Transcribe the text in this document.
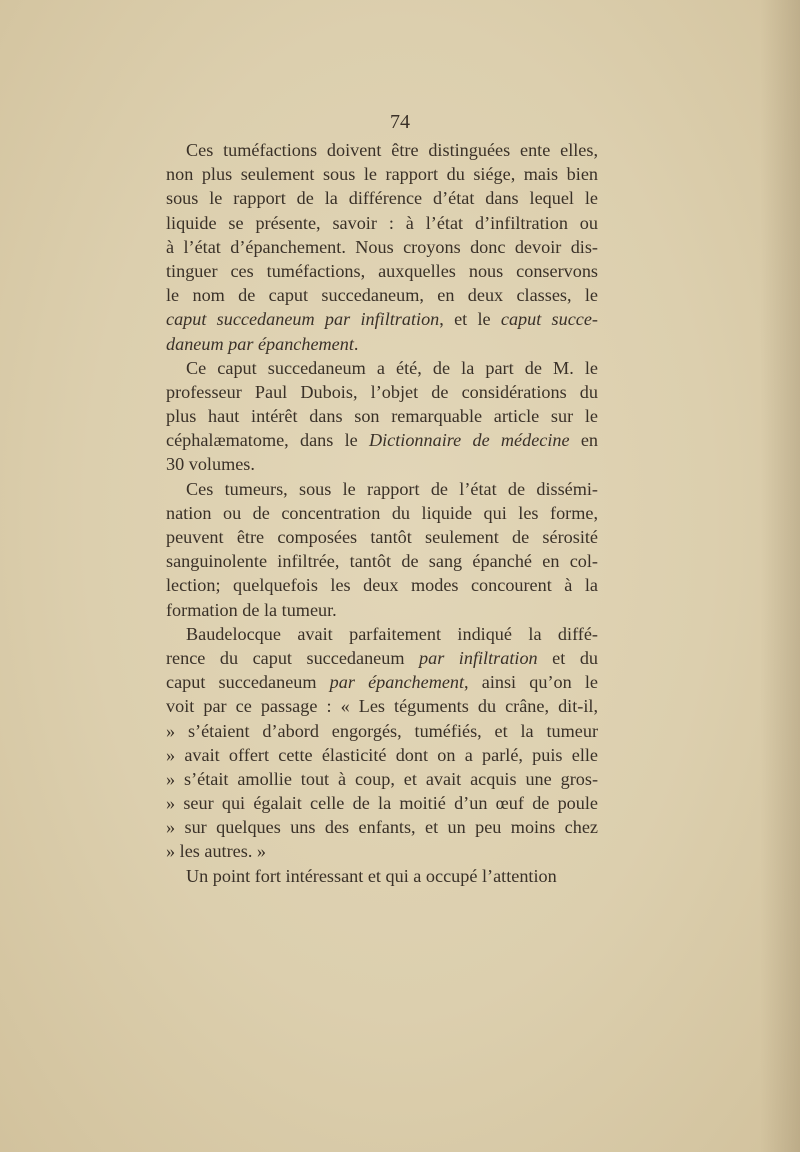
74
Ces tuméfactions doivent être distinguées ente elles,
non plus seulement sous le rapport du siége, mais bien
sous le rapport de la différence d’état dans lequel le
liquide se présente, savoir : à l’état d’infiltration ou
à l’état d’épanchement. Nous croyons donc devoir dis-
tinguer ces tuméfactions, auxquelles nous conservons
le nom de caput succedaneum, en deux classes, le
caput succedaneum par infiltration, et le caput succe-
daneum par épanchement.
Ce caput succedaneum a été, de la part de M. le
professeur Paul Dubois, l’objet de considérations du
plus haut intérêt dans son remarquable article sur le
céphalæmatome, dans le Dictionnaire de médecine en
30 volumes.
Ces tumeurs, sous le rapport de l’état de dissémi-
nation ou de concentration du liquide qui les forme,
peuvent être composées tantôt seulement de sérosité
sanguinolente infiltrée, tantôt de sang épanché en col-
lection; quelquefois les deux modes concourent à la
formation de la tumeur.
Baudelocque avait parfaitement indiqué la diffé-
rence du caput succedaneum par infiltration et du
caput succedaneum par épanchement, ainsi qu’on le
voit par ce passage : « Les téguments du crâne, dit-il,
» s’étaient d’abord engorgés, tuméfiés, et la tumeur
» avait offert cette élasticité dont on a parlé, puis elle
» s’était amollie tout à coup, et avait acquis une gros-
» seur qui égalait celle de la moitié d’un œuf de poule
» sur quelques uns des enfants, et un peu moins chez
» les autres. »
Un point fort intéressant et qui a occupé l’attention
